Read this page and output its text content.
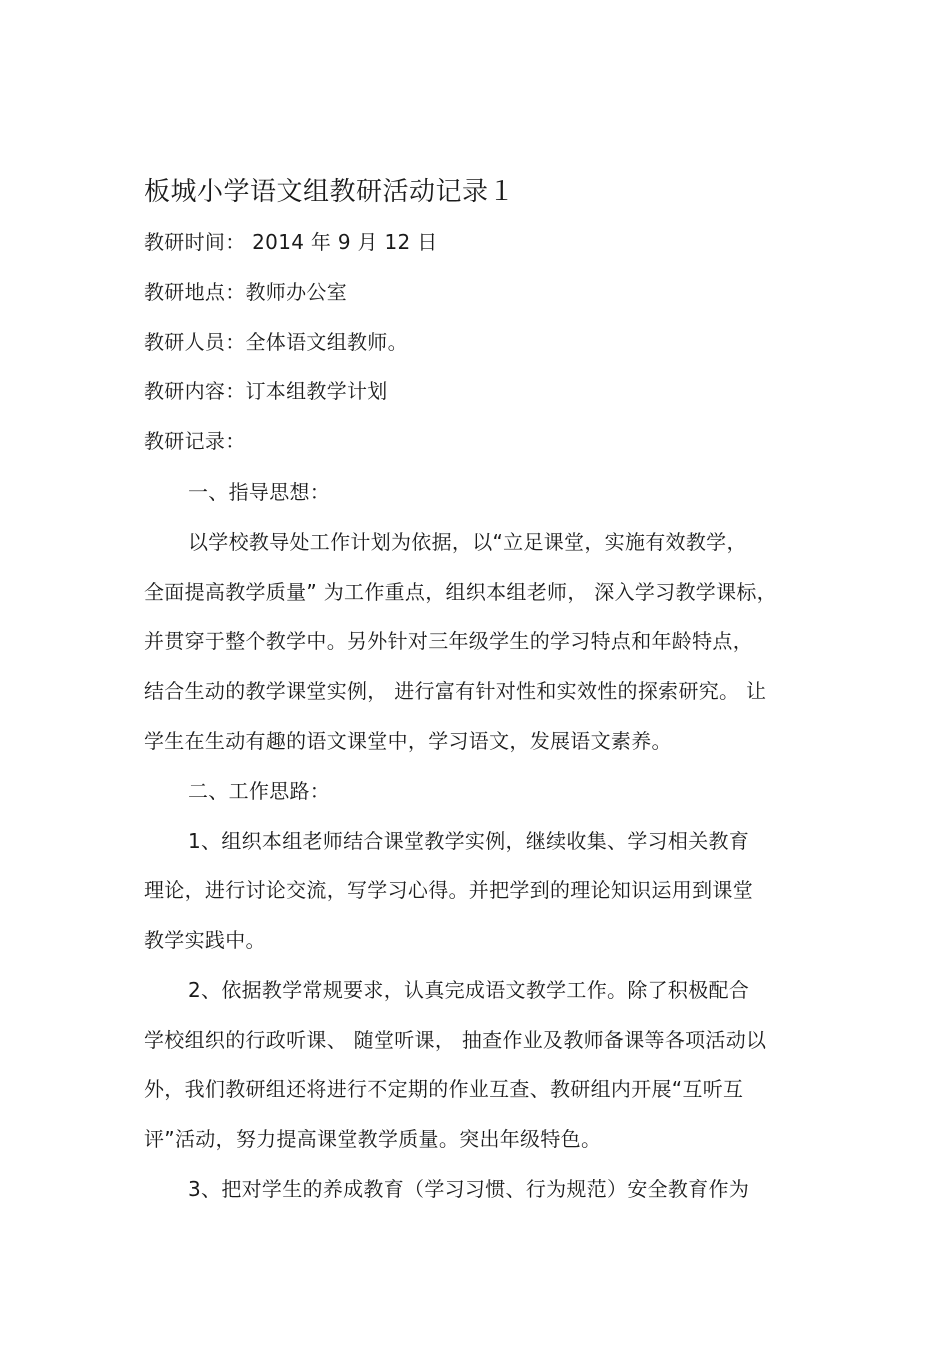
板城小学语文组教研活动记录１
教研时间： 2014 年 9 月 12 日
教研地点：教师办公室
教研人员：全体语文组教师。
教研内容：订本组教学计划
教研记录：
一、指导思想：
以学校教导处工作计划为依据，以“立足课堂，实施有效教学，
全面提高教学质量” 为工作重点，组织本组老师， 深入学习教学课标，
并贯穿于整个教学中。另外针对三年级学生的学习特点和年龄特点，
结合生动的教学课堂实例， 进行富有针对性和实效性的探索研究。 让
学生在生动有趣的语文课堂中，学习语文，发展语文素养。
二、工作思路：
1、组织本组老师结合课堂教学实例，继续收集、学习相关教育
理论，进行讨论交流，写学习心得。并把学到的理论知识运用到课堂
教学实践中。
2、依据教学常规要求，认真完成语文教学工作。除了积极配合
学校组织的行政听课、 随堂听课， 抽查作业及教师备课等各项活动以
外，我们教研组还将进行不定期的作业互查、教研组内开展“互听互
评”活动，努力提高课堂教学质量。突出年级特色。
3、把对学生的养成教育（学习习惯、行为规范）安全教育作为
